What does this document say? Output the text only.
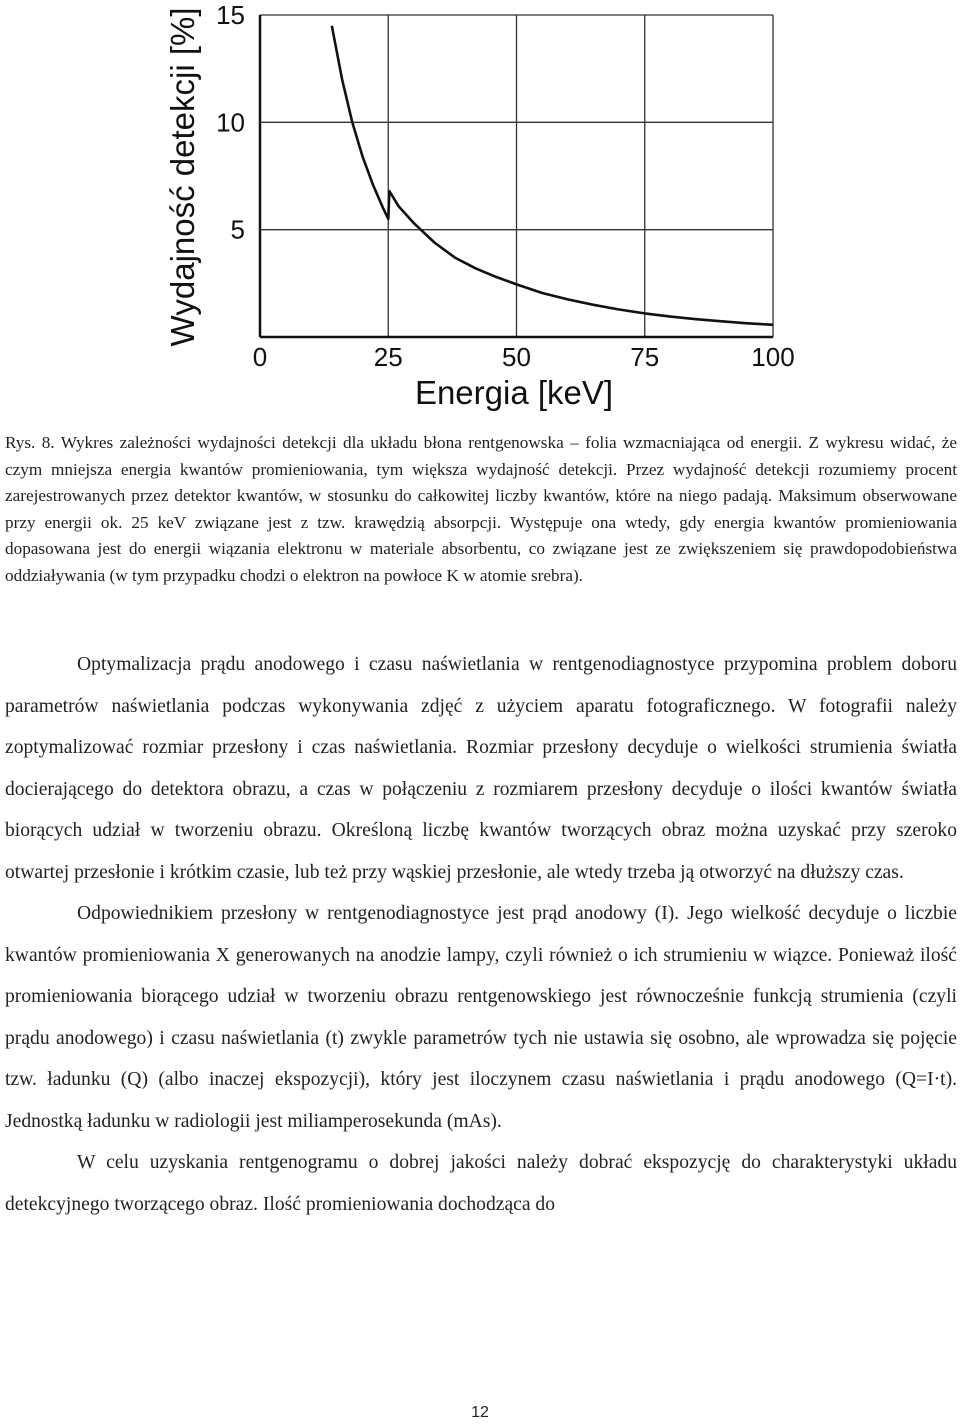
0	25	50	75	100
5
10
15
Energia [keV]
Wydajność detekcji [%]

Rys. 8. Wykres zależności wydajności detekcji dla układu błona rentgenowska – folia wzmacniająca od energii. Z wykresu widać, że czym mniejsza energia kwantów promieniowania, tym większa wydajność detekcji. Przez wydajność detekcji rozumiemy procent zarejestrowanych przez detektor kwantów, w stosunku do całkowitej liczby kwantów, które na niego padają. Maksimum obserwowane przy energii ok. 25 keV związane jest z tzw. krawędzią absorpcji. Występuje ona wtedy, gdy energia kwantów promieniowania dopasowana jest do energii wiązania elektronu w materiale absorbentu, co związane jest ze zwiększeniem się prawdopodobieństwa oddziaływania (w tym przypadku chodzi o elektron na powłoce K w atomie srebra).

Optymalizacja prądu anodowego i czasu naświetlania w rentgenodiagnostyce przypomina problem doboru parametrów naświetlania podczas wykonywania zdjęć z użyciem aparatu fotograficznego. W fotografii należy zoptymalizować rozmiar przesłony i czas naświetlania. Rozmiar przesłony decyduje o wielkości strumienia światła docierającego do detektora obrazu, a czas w połączeniu z rozmiarem przesłony decyduje o ilości kwantów światła biorących udział w tworzeniu obrazu. Określoną liczbę kwantów tworzących obraz można uzyskać przy szeroko otwartej przesłonie i krótkim czasie, lub też przy wąskiej przesłonie, ale wtedy trzeba ją otworzyć na dłuższy czas.

Odpowiednikiem przesłony w rentgenodiagnostyce jest prąd anodowy (I). Jego wielkość decyduje o liczbie kwantów promieniowania X generowanych na anodzie lampy, czyli również o ich strumieniu w wiązce. Ponieważ ilość promieniowania biorącego udział w tworzeniu obrazu rentgenowskiego jest równocześnie funkcją strumienia (czyli prądu anodowego) i czasu naświetlania (t) zwykle parametrów tych nie ustawia się osobno, ale wprowadza się pojęcie tzw. ładunku (Q) (albo inaczej ekspozycji), który jest iloczynem czasu naświetlania i prądu anodowego (Q=I·t). Jednostką ładunku w radiologii jest miliamperosekunda (mAs).

W celu uzyskania rentgenogramu o dobrej jakości należy dobrać ekspozycję do charakterystyki układu detekcyjnego tworzącego obraz. Ilość promieniowania dochodząca do

12
